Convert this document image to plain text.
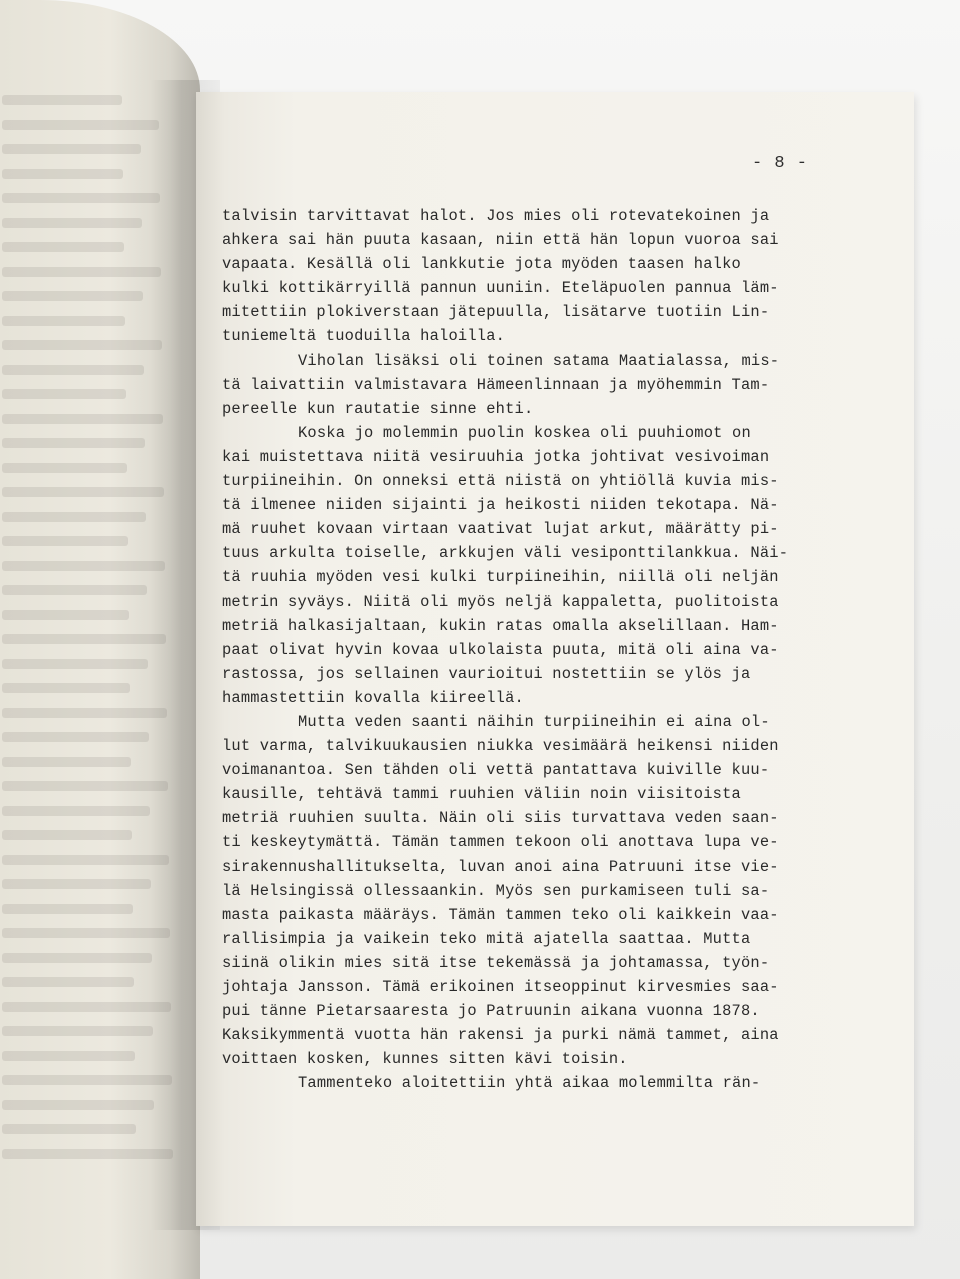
- 8 -
talvisin tarvittavat halot. Jos mies oli rotevatekoinen ja
ahkera sai hän puuta kasaan, niin että hän lopun vuoroa sai
vapaata. Kesällä oli lankkutie jota myöden taasen halko
kulki kottikärryillä pannun uuniin. Eteläpuolen pannua läm-
mitettiin plokiverstaan jätepuulla, lisätarve tuotiin Lin-
tuniemeltä tuoduilla haloilla.
Viholan lisäksi oli toinen satama Maatialassa, mis-
tä laivattiin valmistavara Hämeenlinnaan ja myöhemmin Tam-
pereelle kun rautatie sinne ehti.
Koska jo molemmin puolin koskea oli puuhiomot on
kai muistettava niitä vesiruuhia jotka johtivat vesivoiman
turpiineihin. On onneksi että niistä on yhtiöllä kuvia mis-
tä ilmenee niiden sijainti ja heikosti niiden tekotapa. Nä-
mä ruuhet kovaan virtaan vaativat lujat arkut, määrätty pi-
tuus arkulta toiselle, arkkujen väli vesiponttilankkua. Näi-
tä ruuhia myöden vesi kulki turpiineihin, niillä oli neljän
metrin syväys. Niitä oli myös neljä kappaletta, puolitoista
metriä halkasijaltaan, kukin ratas omalla akselillaan. Ham-
paat olivat hyvin kovaa ulkolaista puuta, mitä oli aina va-
rastossa, jos sellainen vaurioitui nostettiin se ylös ja
hammastettiin kovalla kiireellä.
Mutta veden saanti näihin turpiineihin ei aina ol-
lut varma, talvikuukausien niukka vesimäärä heikensi niiden
voimanantoa. Sen tähden oli vettä pantattava kuiville kuu-
kausille, tehtävä tammi ruuhien väliin noin viisitoista
metriä ruuhien suulta. Näin oli siis turvattava veden saan-
ti keskeytymättä. Tämän tammen tekoon oli anottava lupa ve-
sirakennushallitukselta, luvan anoi aina Patruuni itse vie-
lä Helsingissä ollessaankin. Myös sen purkamiseen tuli sa-
masta paikasta määräys. Tämän tammen teko oli kaikkein vaa-
rallisimpia ja vaikein teko mitä ajatella saattaa. Mutta
siinä olikin mies sitä itse tekemässä ja johtamassa, työn-
johtaja Jansson. Tämä erikoinen itseoppinut kirvesmies saa-
pui tänne Pietarsaaresta jo Patruunin aikana vuonna 1878.
Kaksikymmentä vuotta hän rakensi ja purki nämä tammet, aina
voittaen kosken, kunnes sitten kävi toisin.
Tammenteko aloitettiin yhtä aikaa molemmilta rän-
